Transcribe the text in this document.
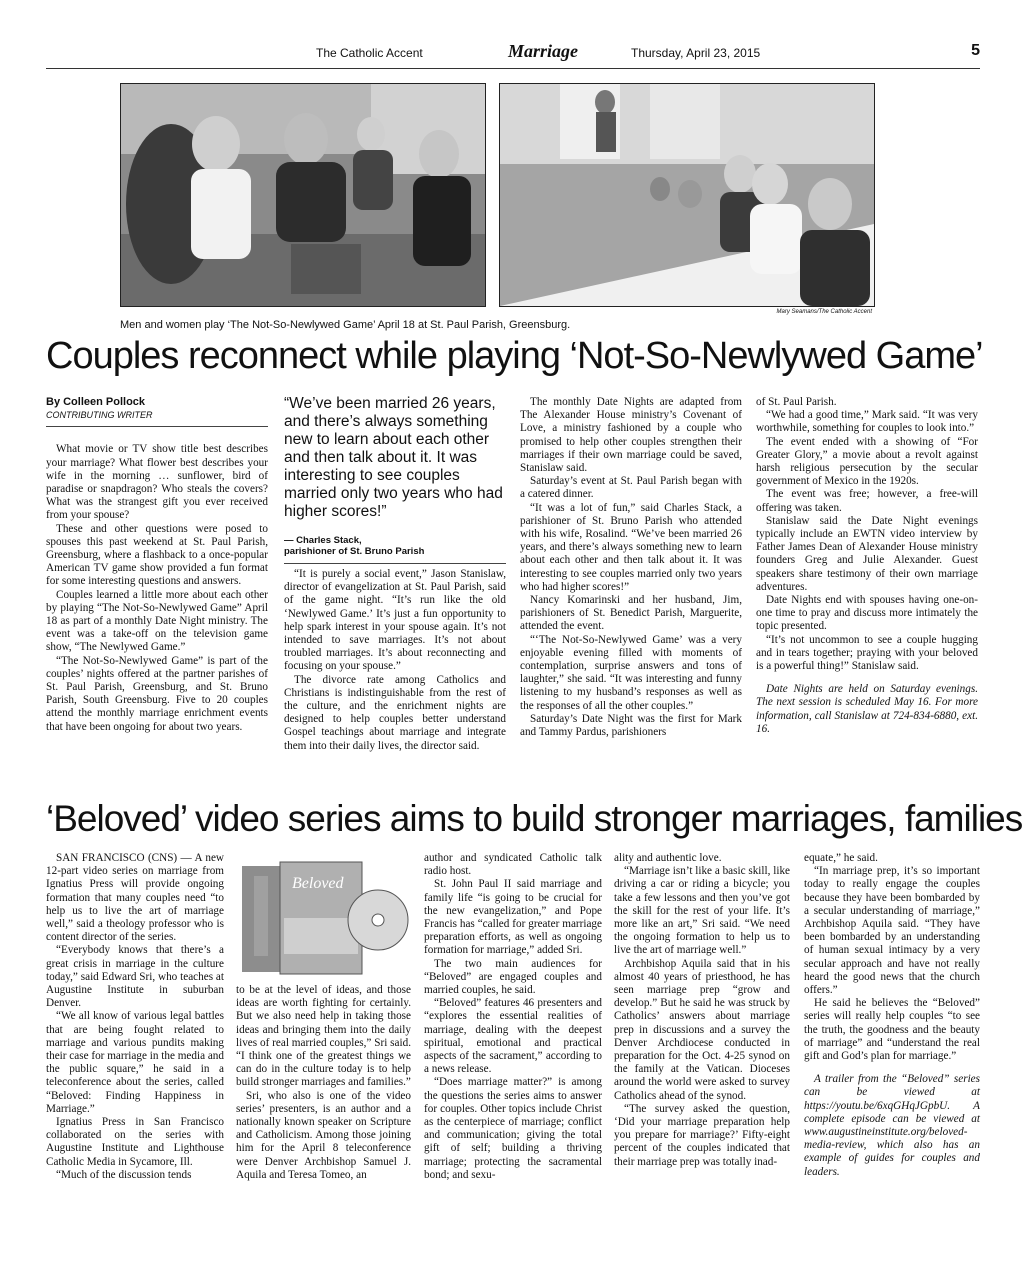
The Catholic Accent	Marriage	Thursday, April 23, 2015	5
Mary Seamans/The Catholic Accent
Men and women play ‘The Not-So-Newlywed Game’ April 18 at St. Paul Parish, Greensburg.
Couples reconnect while playing ‘Not-So-Newlywed Game’
By Colleen Pollock
CONTRIBUTING WRITER

What movie or TV show title best describes your marriage? What flower best describes your wife in the morning … sunflower, bird of paradise or snapdragon? Who steals the covers? What was the strangest gift you ever received from your spouse?

These and other questions were posed to spouses this past weekend at St. Paul Parish, Greensburg, where a flashback to a once-popular American TV game show provided a fun format for some interesting questions and answers.

Couples learned a little more about each other by playing “The Not-So-Newlywed Game” April 18 as part of a monthly Date Night ministry. The event was a take-off on the television game show, “The Newlywed Game.”

“The Not-So-Newlywed Game” is part of the couples’ nights offered at the partner parishes of St. Paul Parish, Greensburg, and St. Bruno Parish, South Greensburg. Five to 20 couples attend the monthly marriage enrichment events that have been ongoing for about two years.

“We’ve been married 26 years, and there’s always something new to learn about each other and then talk about it. It was interesting to see couples married only two years who had higher scores!”
— Charles Stack,
parishioner of St. Bruno Parish

“It is purely a social event,” Jason Stanislaw, director of evangelization at St. Paul Parish, said of the game night. “It’s run like the old ‘Newlywed Game.’ It’s just a fun opportunity to help spark interest in your spouse again. It’s not intended to save marriages. It’s not about troubled marriages. It’s about reconnecting and focusing on your spouse.”

The divorce rate among Catholics and Christians is indistinguishable from the rest of the culture, and the enrichment nights are designed to help couples better understand Gospel teachings about marriage and integrate them into their daily lives, the director said.

The monthly Date Nights are adapted from The Alexander House ministry’s Covenant of Love, a ministry fashioned by a couple who promised to help other couples strengthen their marriages if their own marriage could be saved, Stanislaw said.

Saturday’s event at St. Paul Parish began with a catered dinner.

“It was a lot of fun,” said Charles Stack, a parishioner of St. Bruno Parish who attended with his wife, Rosalind. “We’ve been married 26 years, and there’s always something new to learn about each other and then talk about it. It was interesting to see couples married only two years who had higher scores!”

Nancy Komarinski and her husband, Jim, parishioners of St. Benedict Parish, Marguerite, attended the event.

“‘The Not-So-Newlywed Game’ was a very enjoyable evening filled with moments of contemplation, surprise answers and tons of laughter,” she said. “It was interesting and funny listening to my husband’s responses as well as the responses of all the other couples.”

Saturday’s Date Night was the first for Mark and Tammy Pardus, parishioners

of St. Paul Parish.

“We had a good time,” Mark said. “It was very worthwhile, something for couples to look into.”

The event ended with a showing of “For Greater Glory,” a movie about a revolt against harsh religious persecution by the secular government of Mexico in the 1920s.

The event was free; however, a free-will offering was taken.

Stanislaw said the Date Night evenings typically include an EWTN video interview by Father James Dean of Alexander House ministry founders Greg and Julie Alexander. Guest speakers share testimony of their own marriage adventures.

Date Nights end with spouses having one-on-one time to pray and discuss more intimately the topic presented.

“It’s not uncommon to see a couple hugging and in tears together; praying with your beloved is a powerful thing!” Stanislaw said.

Date Nights are held on Saturday evenings. The next session is scheduled May 16. For more information, call Stanislaw at 724-834-6880, ext. 16.

‘Beloved’ video series aims to build stronger marriages, families

SAN FRANCISCO (CNS) — A new 12-part video series on marriage from Ignatius Press will provide ongoing formation that many couples need “to help us to live the art of marriage well,” said a theology professor who is content director of the series.

“Everybody knows that there’s a great crisis in marriage in the culture today,” said Edward Sri, who teaches at Augustine Institute in suburban Denver.

“We all know of various legal battles that are being fought related to marriage and various pundits making their case for marriage in the media and the public square,” he said in a teleconference about the series, called “Beloved: Finding Happiness in Marriage.”

Ignatius Press in San Francisco collaborated on the series with Augustine Institute and Lighthouse Catholic Media in Sycamore, Ill.

“Much of the discussion tends

Beloved

to be at the level of ideas, and those ideas are worth fighting for certainly. But we also need help in taking those ideas and bringing them into the daily lives of real married couples,” Sri said. “I think one of the greatest things we can do in the culture today is to help build stronger marriages and families.”

Sri, who also is one of the video series’ presenters, is an author and a nationally known speaker on Scripture and Catholicism. Among those joining him for the April 8 teleconference were Denver Archbishop Samuel J. Aquila and Teresa Tomeo, an

author and syndicated Catholic talk radio host.

St. John Paul II said marriage and family life “is going to be crucial for the new evangelization,” and Pope Francis has “called for greater marriage preparation efforts, as well as ongoing formation for marriage,” added Sri.

The two main audiences for “Beloved” are engaged couples and married couples, he said.

“Beloved” features 46 presenters and “explores the essential realities of marriage, dealing with the deepest spiritual, emotional and practical aspects of the sacrament,” according to a news release.

“Does marriage matter?” is among the questions the series aims to answer for couples. Other topics include Christ as the centerpiece of marriage; conflict and communication; giving the total gift of self; building a thriving marriage; protecting the sacramental bond; and sexu-

ality and authentic love.

“Marriage isn’t like a basic skill, like driving a car or riding a bicycle; you take a few lessons and then you’ve got the skill for the rest of your life. It’s more like an art,” Sri said. “We need the ongoing formation to help us to live the art of marriage well.”

Archbishop Aquila said that in his almost 40 years of priesthood, he has seen marriage prep “grow and develop.” But he said he was struck by Catholics’ answers about marriage prep in discussions and a survey the Denver Archdiocese conducted in preparation for the Oct. 4-25 synod on the family at the Vatican. Dioceses around the world were asked to survey Catholics ahead of the synod.

“The survey asked the question, ‘Did your marriage preparation help you prepare for marriage?’ Fifty-eight percent of the couples indicated that their marriage prep was totally inad-

equate,” he said.

“In marriage prep, it’s so important today to really engage the couples because they have been bombarded by a secular understanding of marriage,” Archbishop Aquila said. “They have been bombarded by an understanding of human sexual intimacy by a very secular approach and have not really heard the good news that the church offers.”

He said he believes the “Beloved” series will really help couples “to see the truth, the goodness and the beauty of marriage” and “understand the real gift and God’s plan for marriage.”

A trailer from the “Beloved” series can be viewed at https://youtu.be/6xqGHqJGpbU. A complete episode can be viewed at www.augustineinstitute.org/beloved-media-review, which also has an example of guides for couples and leaders.
